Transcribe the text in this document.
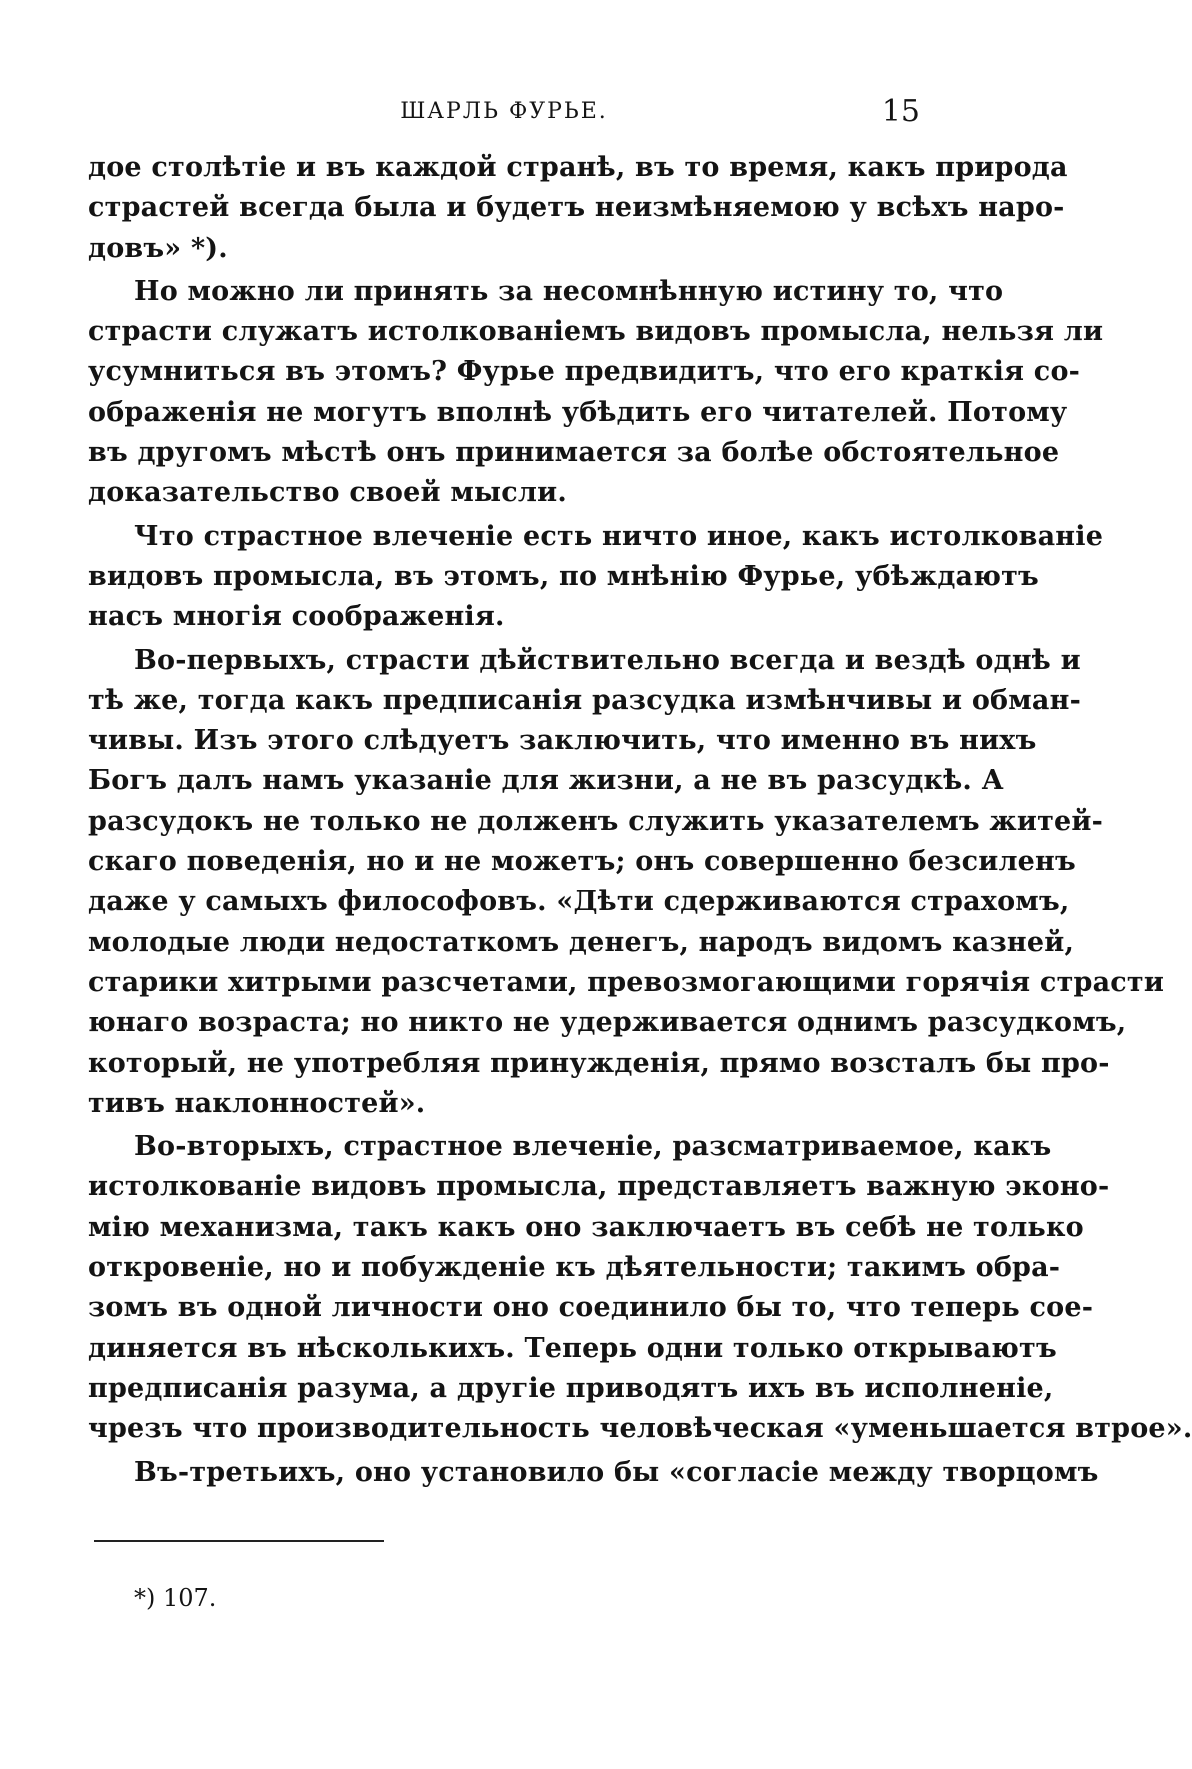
ШАРЛЬ ФУРЬЕ.	15
дое столѣтіе и въ каждой странѣ, въ то время, какъ природа
страстей всегда была и будетъ неизмѣняемою у всѣхъ наро-
довъ» *).
Но можно ли принять за несомнѣнную истину то, что
страсти служатъ истолкованіемъ видовъ промысла, нельзя ли
усумниться въ этомъ? Фурье предвидитъ, что его краткія со-
ображенія не могутъ вполнѣ убѣдить его читателей. Потому
въ другомъ мѣстѣ онъ принимается за болѣе обстоятельное
доказательство своей мысли.
Что страстное влеченіе есть ничто иное, какъ истолкованіе
видовъ промысла, въ этомъ, по мнѣнію Фурье, убѣждаютъ
насъ многія соображенія.
Во-первыхъ, страсти дѣйствительно всегда и вездѣ однѣ и
тѣ же, тогда какъ предписанія разсудка измѣнчивы и обман-
чивы. Изъ этого слѣдуетъ заключить, что именно въ нихъ
Богъ далъ намъ указаніе для жизни, а не въ разсудкѣ. А
разсудокъ не только не долженъ служить указателемъ житей-
скаго поведенія, но и не можетъ; онъ совершенно безсиленъ
даже у самыхъ философовъ. «Дѣти сдерживаются страхомъ,
молодые люди недостаткомъ денегъ, народъ видомъ казней,
старики хитрыми разсчетами, превозмогающими горячія страсти
юнаго возраста; но никто не удерживается однимъ разсудкомъ,
который, не употребляя принужденія, прямо возсталъ бы про-
тивъ наклонностей».
Во-вторыхъ, страстное влеченіе, разсматриваемое, какъ
истолкованіе видовъ промысла, представляетъ важную эконо-
мію механизма, такъ какъ оно заключаетъ въ себѣ не только
откровеніе, но и побужденіе къ дѣятельности; такимъ обра-
зомъ въ одной личности оно соединило бы то, что теперь сое-
диняется въ нѣсколькихъ. Теперь одни только открываютъ
предписанія разума, а другіе приводятъ ихъ въ исполненіе,
чрезъ что производительность человѣческая «уменьшается втрое».
Въ-третьихъ, оно установило бы «согласіе между творцомъ
*) 107.
